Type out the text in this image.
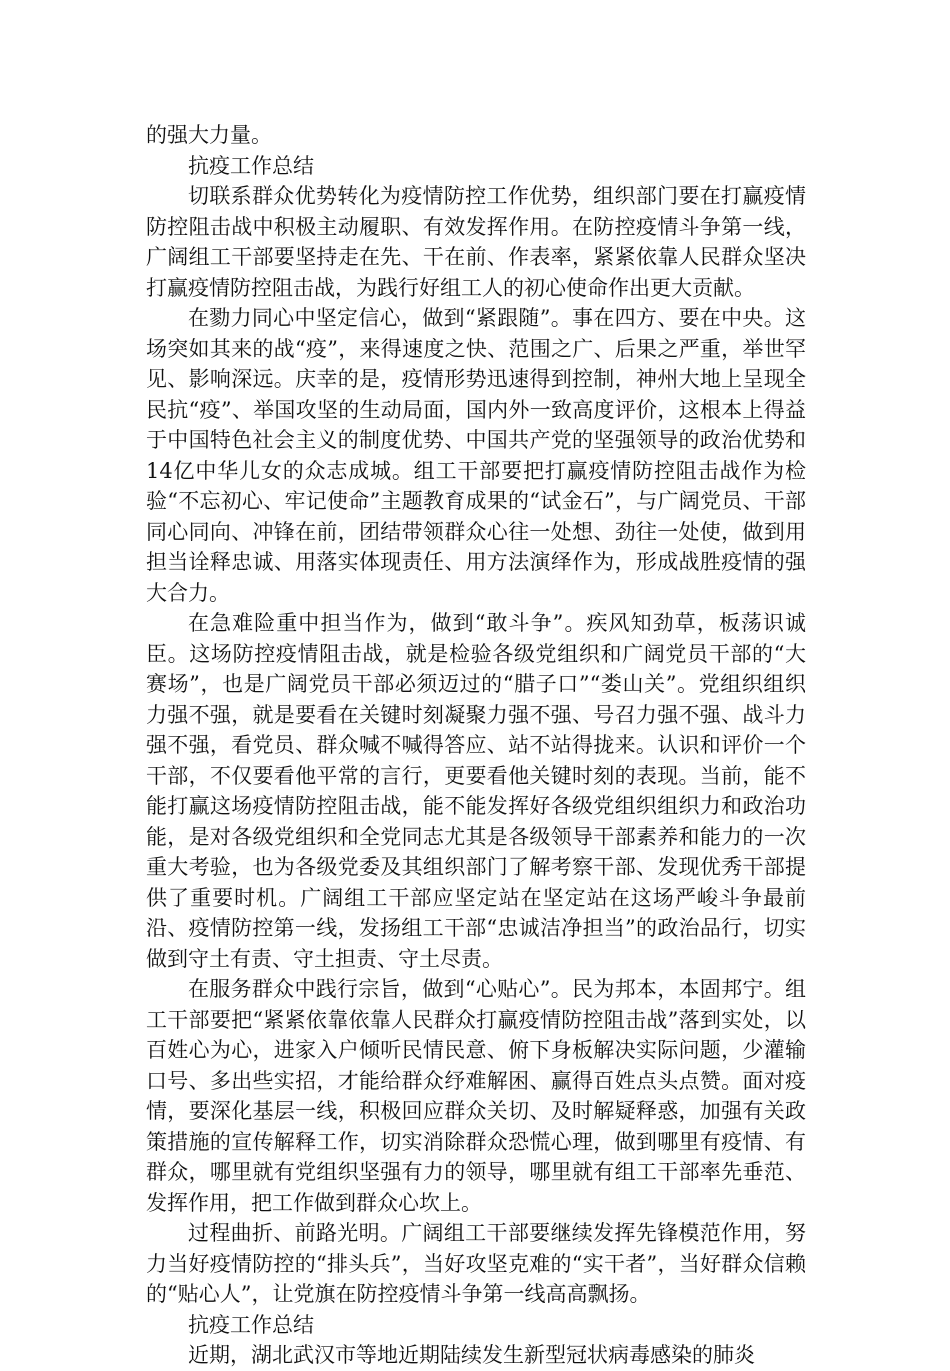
的强大力量。

抗疫工作总结

切联系群众优势转化为疫情防控工作优势，组织部门要在打赢疫情防控阻击战中积极主动履职、有效发挥作用。在防控疫情斗争第一线，广阔组工干部要坚持走在先、干在前、作表率，紧紧依靠人民群众坚决打赢疫情防控阻击战，为践行好组工人的初心使命作出更大贡献。

在勠力同心中坚定信心，做到“紧跟随”。事在四方、要在中央。这场突如其来的战“疫”，来得速度之快、范围之广、后果之严重，举世罕见、影响深远。庆幸的是，疫情形势迅速得到控制，神州大地上呈现全民抗“疫”、举国攻坚的生动局面，国内外一致高度评价，这根本上得益于中国特色社会主义的制度优势、中国共产党的坚强领导的政治优势和14亿中华儿女的众志成城。组工干部要把打赢疫情防控阻击战作为检验“不忘初心、牢记使命”主题教育成果的“试金石”，与广阔党员、干部同心同向、冲锋在前，团结带领群众心往一处想、劲往一处使，做到用担当诠释忠诚、用落实体现责任、用方法演绎作为，形成战胜疫情的强大合力。

在急难险重中担当作为，做到“敢斗争”。疾风知劲草，板荡识诚臣。这场防控疫情阻击战，就是检验各级党组织和广阔党员干部的“大赛场”，也是广阔党员干部必须迈过的“腊子口”“娄山关”。党组织组织力强不强，就是要看在关键时刻凝聚力强不强、号召力强不强、战斗力强不强，看党员、群众喊不喊得答应、站不站得拢来。认识和评价一个干部，不仅要看他平常的言行，更要看他关键时刻的表现。当前，能不能打赢这场疫情防控阻击战，能不能发挥好各级党组织组织力和政治功能，是对各级党组织和全党同志尤其是各级领导干部素养和能力的一次重大考验，也为各级党委及其组织部门了解考察干部、发现优秀干部提供了重要时机。广阔组工干部应坚定站在坚定站在这场严峻斗争最前沿、疫情防控第一线，发扬组工干部“忠诚洁净担当”的政治品行，切实做到守土有责、守土担责、守土尽责。

在服务群众中践行宗旨，做到“心贴心”。民为邦本，本固邦宁。组工干部要把“紧紧依靠依靠人民群众打赢疫情防控阻击战”落到实处，以百姓心为心，进家入户倾听民情民意、俯下身板解决实际问题，少灌输口号、多出些实招，才能给群众纾难解困、赢得百姓点头点赞。面对疫情，要深化基层一线，积极回应群众关切、及时解疑释惑，加强有关政策措施的宣传解释工作，切实消除群众恐慌心理，做到哪里有疫情、有群众，哪里就有党组织坚强有力的领导，哪里就有组工干部率先垂范、发挥作用，把工作做到群众心坎上。

过程曲折、前路光明。广阔组工干部要继续发挥先锋模范作用，努力当好疫情防控的“排头兵”，当好攻坚克难的“实干者”，当好群众信赖的“贴心人”，让党旗在防控疫情斗争第一线高高飘扬。

抗疫工作总结

近期，湖北武汉市等地近期陆续发生新型冠状病毒感染的肺炎
